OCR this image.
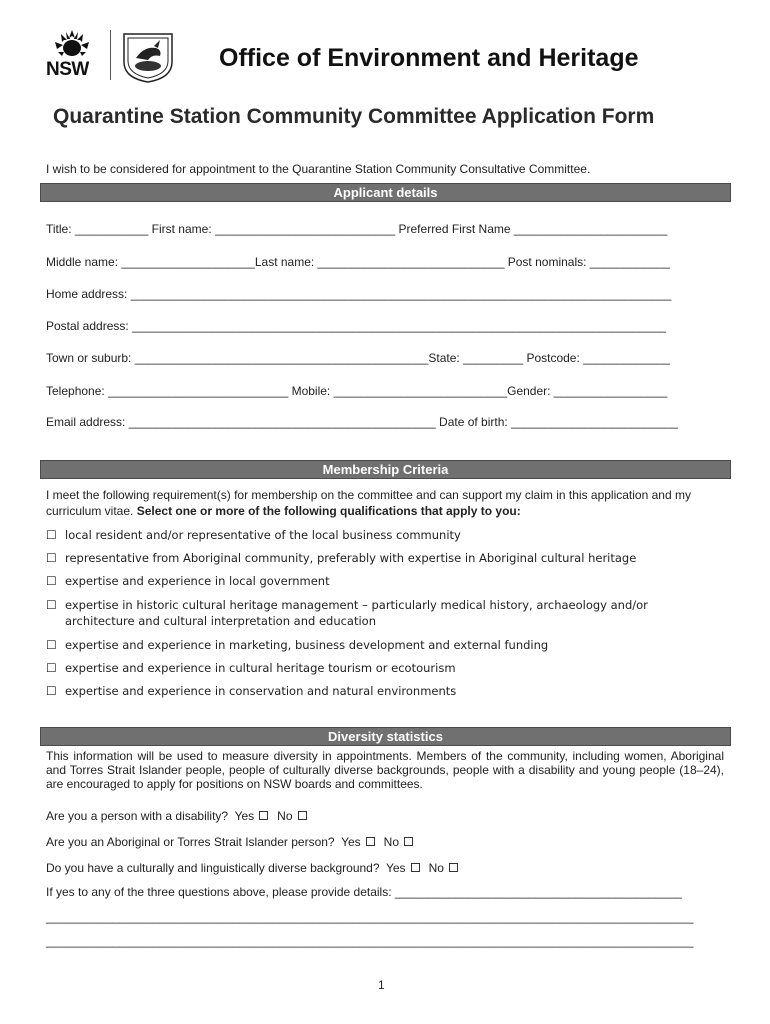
NSW	Office of Environment and Heritage
Quarantine Station Community Committee Application Form
I wish to be considered for appointment to the Quarantine Station Community Consultative Committee.
Applicant details
Title: ___________ First name: ___________________________ Preferred First Name _______________________
Middle name: ____________________Last name: ____________________________ Post nominals: ____________
Home address: _________________________________________________________________________________
Postal address: ________________________________________________________________________________
Town or suburb: ____________________________________________State: _________ Postcode: _____________
Telephone: ___________________________ Mobile: __________________________Gender: _________________
Email address: ______________________________________________ Date of birth: _________________________
Membership Criteria
I meet the following requirement(s) for membership on the committee and can support my claim in this application and my curriculum vitae. Select one or more of the following qualifications that apply to you:
☐ local resident and/or representative of the local business community
☐ representative from Aboriginal community, preferably with expertise in Aboriginal cultural heritage
☐ expertise and experience in local government
☐ expertise in historic cultural heritage management – particularly medical history, archaeology and/or architecture and cultural interpretation and education
☐ expertise and experience in marketing, business development and external funding
☐ expertise and experience in cultural heritage tourism or ecotourism
☐ expertise and experience in conservation and natural environments
Diversity statistics
This information will be used to measure diversity in appointments. Members of the community, including women, Aboriginal and Torres Strait Islander people, people of culturally diverse backgrounds, people with a disability and young people (18–24), are encouraged to apply for positions on NSW boards and committees.
Are you a person with a disability? Yes No
Are you an Aboriginal or Torres Strait Islander person? Yes No
Do you have a culturally and linguistically diverse background? Yes No
If yes to any of the three questions above, please provide details: ___________________________________________
_________________________________________________________________________________________________
_________________________________________________________________________________________________
1
